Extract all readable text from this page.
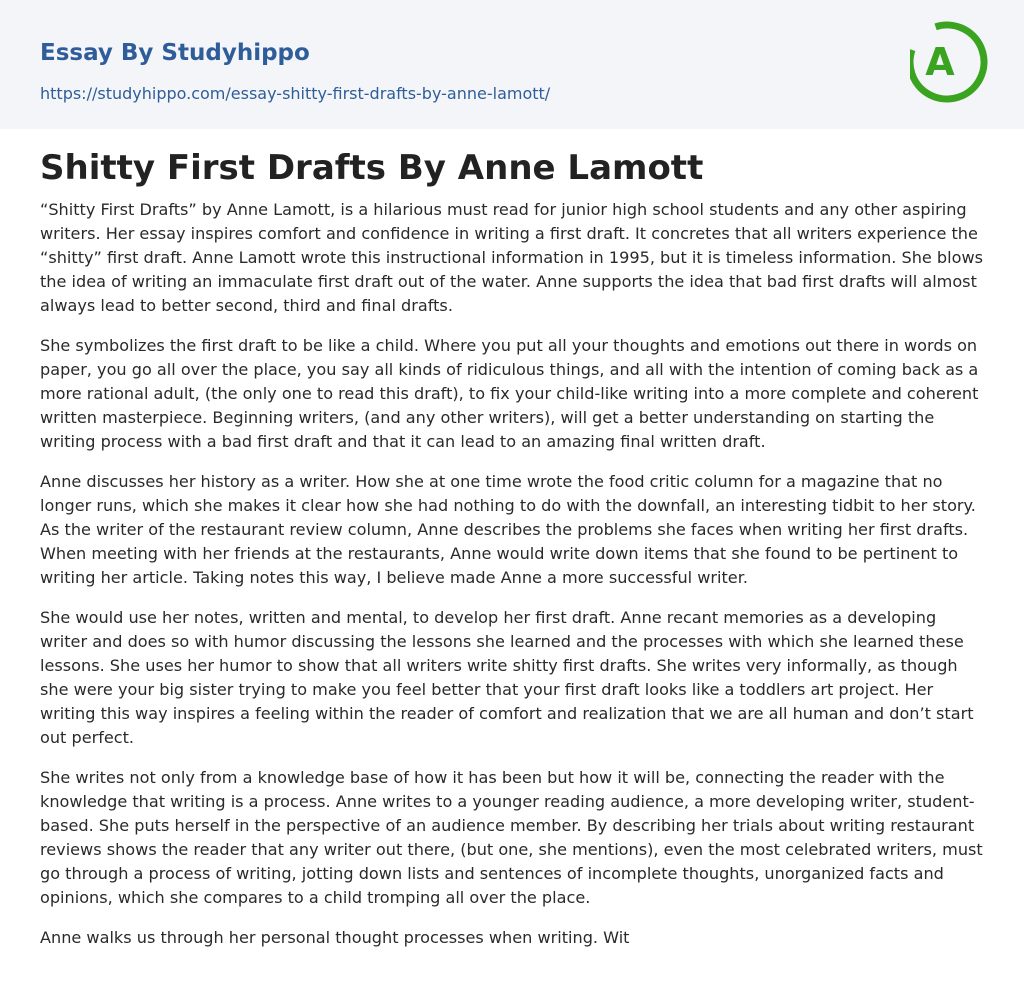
Essay By Studyhippo
https://studyhippo.com/essay-shitty-first-drafts-by-anne-lamott/
A
Shitty First Drafts By Anne Lamott

“Shitty First Drafts” by Anne Lamott, is a hilarious must read for junior high school students and any other aspiring writers. Her essay inspires comfort and confidence in writing a first draft. It concretes that all writers experience the “shitty” first draft. Anne Lamott wrote this instructional information in 1995, but it is timeless information. She blows the idea of writing an immaculate first draft out of the water. Anne supports the idea that bad first drafts will almost always lead to better second, third and final drafts.

She symbolizes the first draft to be like a child. Where you put all your thoughts and emotions out there in words on paper, you go all over the place, you say all kinds of ridiculous things, and all with the intention of coming back as a more rational adult, (the only one to read this draft), to fix your child-like writing into a more complete and coherent written masterpiece. Beginning writers, (and any other writers), will get a better understanding on starting the writing process with a bad first draft and that it can lead to an amazing final written draft.

Anne discusses her history as a writer. How she at one time wrote the food critic column for a magazine that no longer runs, which she makes it clear how she had nothing to do with the downfall, an interesting tidbit to her story. As the writer of the restaurant review column, Anne describes the problems she faces when writing her first drafts. When meeting with her friends at the restaurants, Anne would write down items that she found to be pertinent to writing her article. Taking notes this way, I believe made Anne a more successful writer.

She would use her notes, written and mental, to develop her first draft. Anne recant memories as a developing writer and does so with humor discussing the lessons she learned and the processes with which she learned these lessons. She uses her humor to show that all writers write shitty first drafts. She writes very informally, as though she were your big sister trying to make you feel better that your first draft looks like a toddlers art project. Her writing this way inspires a feeling within the reader of comfort and realization that we are all human and don’t start out perfect.

She writes not only from a knowledge base of how it has been but how it will be, connecting the reader with the knowledge that writing is a process. Anne writes to a younger reading audience, a more developing writer, student-based. She puts herself in the perspective of an audience member. By describing her trials about writing restaurant reviews shows the reader that any writer out there, (but one, she mentions), even the most celebrated writers, must go through a process of writing, jotting down lists and sentences of incomplete thoughts, unorganized facts and opinions, which she compares to a child tromping all over the place.

Anne walks us through her personal thought processes when writing. Wit
